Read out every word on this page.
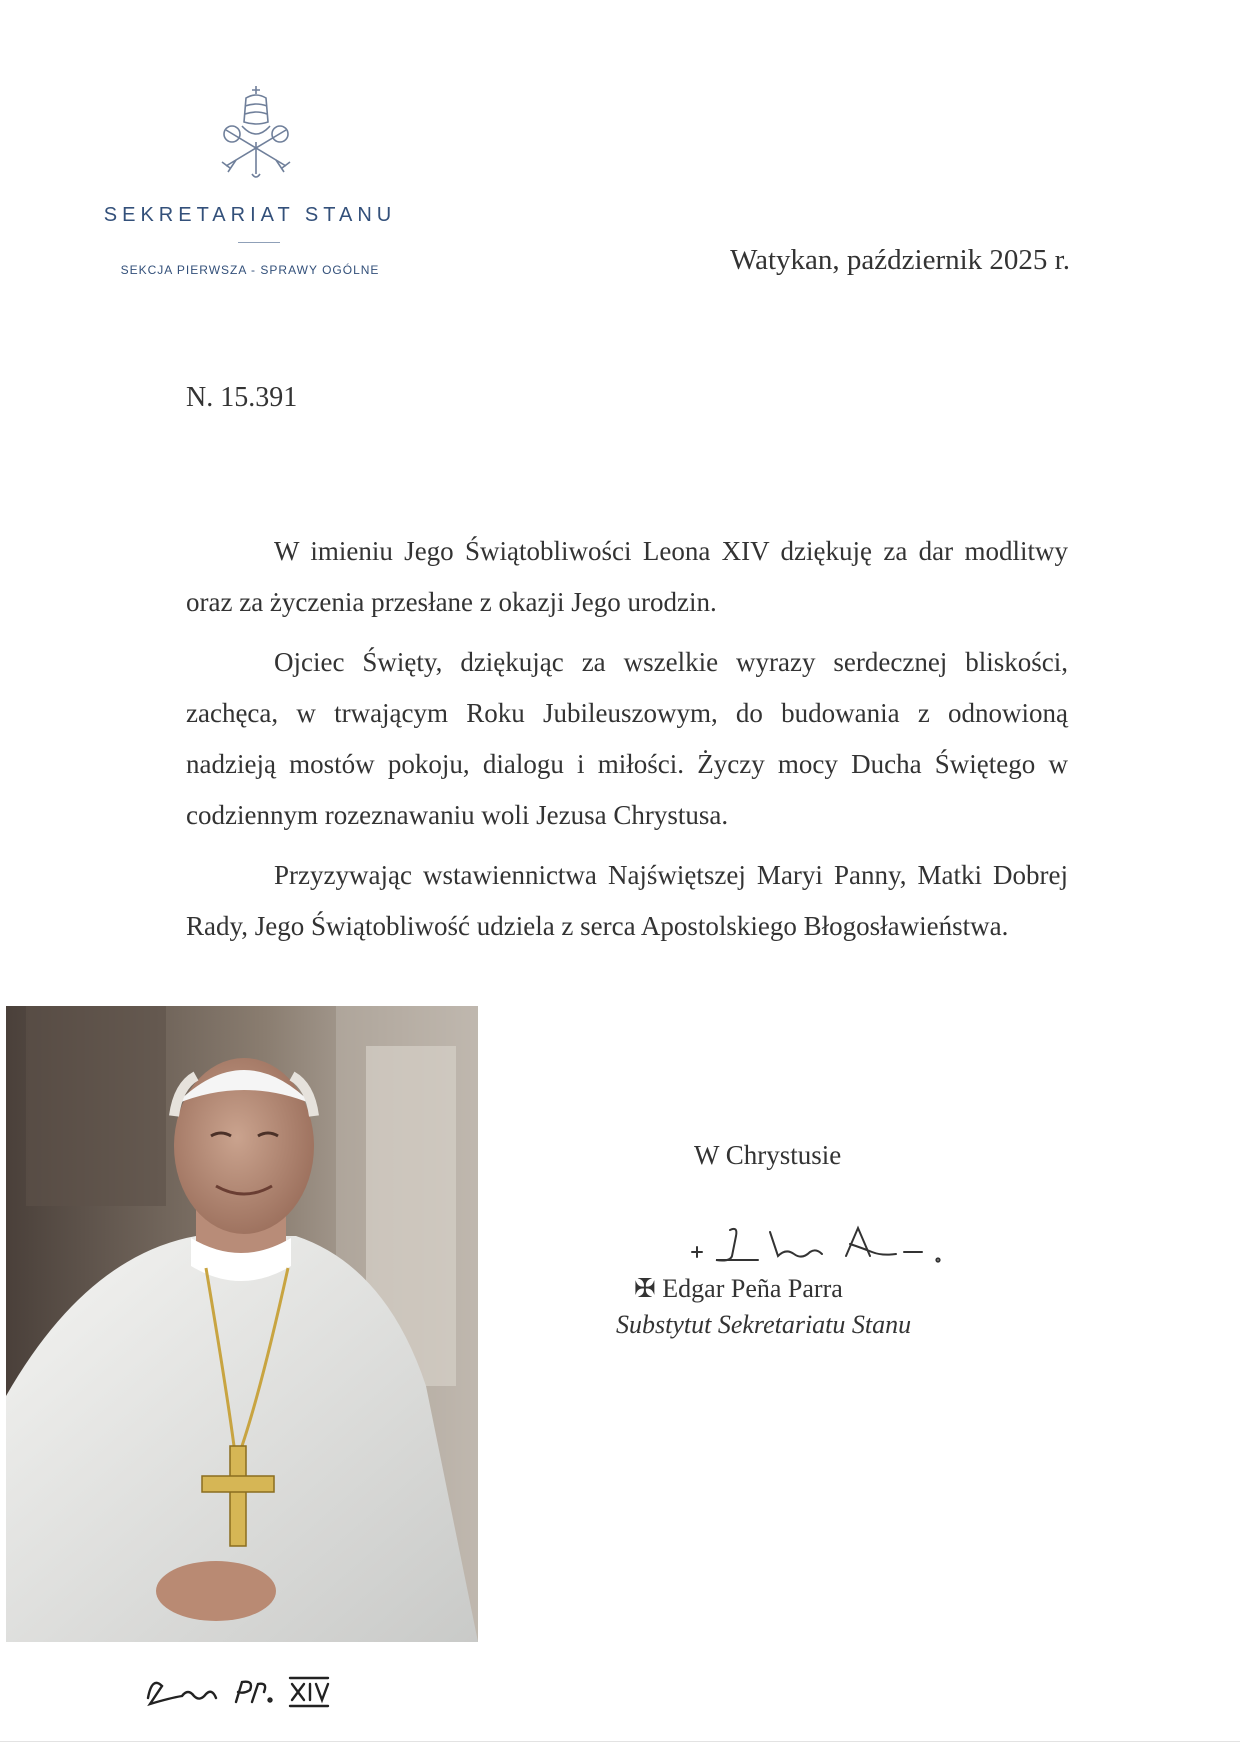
SEKRETARIAT STANU
SEKCJA PIERWSZA - SPRAWY OGÓLNE	Watykan, październik 2025 r.
N. 15.391

W imieniu Jego Świątobliwości Leona XIV dziękuję za dar modlitwy oraz za życzenia przesłane z okazji Jego urodzin.

Ojciec Święty, dziękując za wszelkie wyrazy serdecznej bliskości, zachęca, w trwającym Roku Jubileuszowym, do budowania z odnowioną nadzieją mostów pokoju, dialogu i miłości. Życzy mocy Ducha Świętego w codziennym rozeznawaniu woli Jezusa Chrystusa.

Przyzywając wstawiennictwa Najświętszej Maryi Panny, Matki Dobrej Rady, Jego Świątobliwość udziela z serca Apostolskiego Błogosławieństwa.

W Chrystusie
✠ Edgar Peña Parra
Substytut Sekretariatu Stanu
